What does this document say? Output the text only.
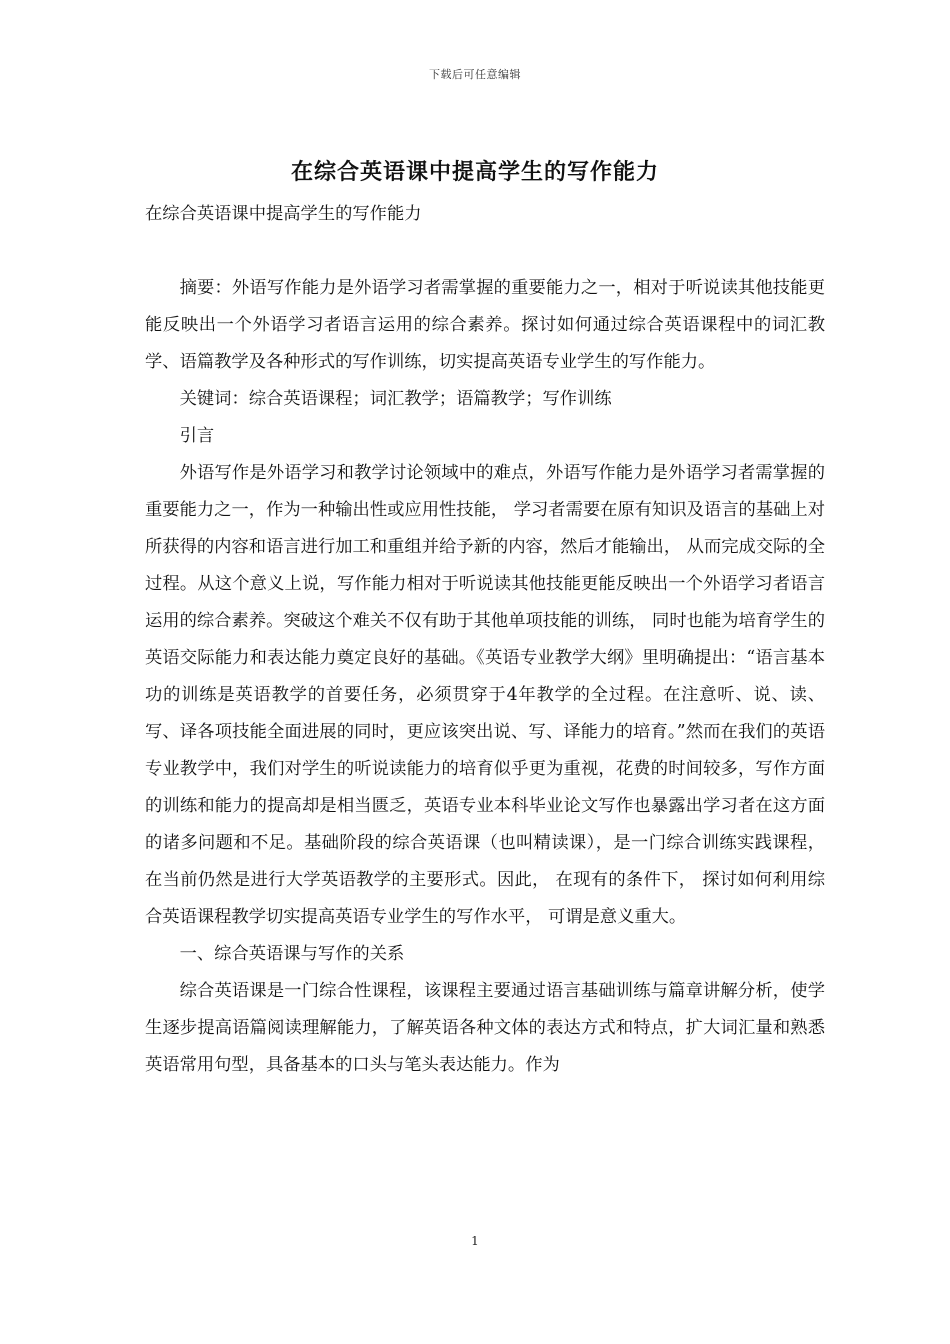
下载后可任意编辑
在综合英语课中提高学生的写作能力

在综合英语课中提高学生的写作能力

摘要：外语写作能力是外语学习者需掌握的重要能力之一，相对于听说读其他技能更能反映出一个外语学习者语言运用的综合素养。探讨如何通过综合英语课程中的词汇教学、语篇教学及各种形式的写作训练，切实提高英语专业学生的写作能力。

关键词：综合英语课程；词汇教学；语篇教学；写作训练

引言

外语写作是外语学习和教学讨论领域中的难点，外语写作能力是外语学习者需掌握的重要能力之一，作为一种输出性或应用性技能， 学习者需要在原有知识及语言的基础上对所获得的内容和语言进行加工和重组并给予新的内容，然后才能输出， 从而完成交际的全过程。从这个意义上说，写作能力相对于听说读其他技能更能反映出一个外语学习者语言运用的综合素养。突破这个难关不仅有助于其他单项技能的训练， 同时也能为培育学生的英语交际能力和表达能力奠定良好的基础。《英语专业教学大纲》里明确提出：“语言基本功的训练是英语教学的首要任务，必须贯穿于4年教学的全过程。在注意听、说、读、写、译各项技能全面进展的同时，更应该突出说、写、译能力的培育。”然而在我们的英语专业教学中，我们对学生的听说读能力的培育似乎更为重视，花费的时间较多，写作方面的训练和能力的提高却是相当匮乏，英语专业本科毕业论文写作也暴露出学习者在这方面的诸多问题和不足。基础阶段的综合英语课（也叫精读课），是一门综合训练实践课程，在当前仍然是进行大学英语教学的主要形式。因此， 在现有的条件下， 探讨如何利用综合英语课程教学切实提高英语专业学生的写作水平， 可谓是意义重大。

一、综合英语课与写作的关系

综合英语课是一门综合性课程，该课程主要通过语言基础训练与篇章讲解分析，使学生逐步提高语篇阅读理解能力，了解英语各种文体的表达方式和特点，扩大词汇量和熟悉英语常用句型，具备基本的口头与笔头表达能力。作为

1
